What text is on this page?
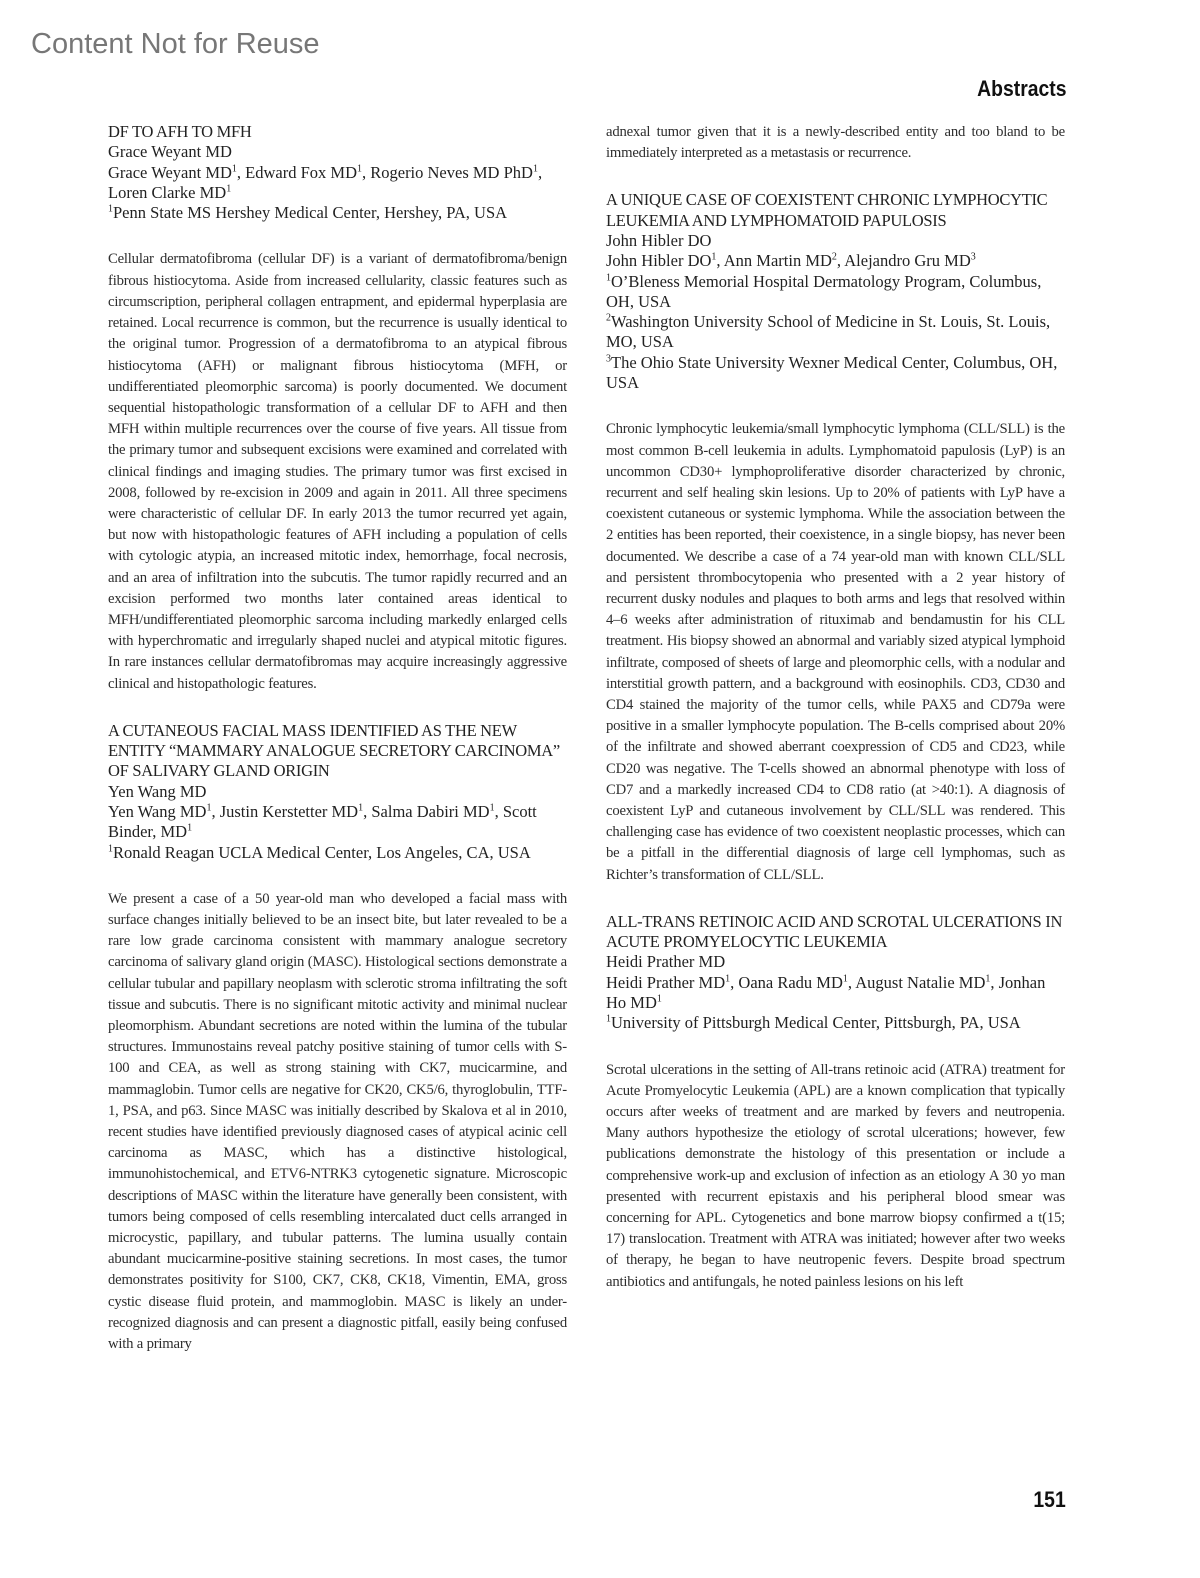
Content Not for Reuse
Abstracts
DF TO AFH TO MFH
Grace Weyant MD
Grace Weyant $MD^1$, Edward Fox $MD^1$, Rogerio Neves MD PhD$^1$, Loren Clarke $MD^1$
$^1$Penn State MS Hershey Medical Center, Hershey, PA, USA
Cellular dermatofibroma (cellular DF) is a variant of dermatofibroma/benign fibrous histiocytoma. Aside from increased cellularity, classic features such as circumscription, peripheral collagen entrapment, and epidermal hyperplasia are retained. Local recurrence is common, but the recurrence is usually identical to the original tumor. Progression of a dermatofibroma to an atypical fibrous histiocytoma (AFH) or malignant fibrous histiocytoma (MFH, or undifferentiated pleomorphic sarcoma) is poorly documented. We document sequential histopathologic transformation of a cellular DF to AFH and then MFH within multiple recurrences over the course of five years. All tissue from the primary tumor and subsequent excisions were examined and correlated with clinical findings and imaging studies. The primary tumor was first excised in 2008, followed by re-excision in 2009 and again in 2011. All three specimens were characteristic of cellular DF. In early 2013 the tumor recurred yet again, but now with histopathologic features of AFH including a population of cells with cytologic atypia, an increased mitotic index, hemorrhage, focal necrosis, and an area of infiltration into the subcutis. The tumor rapidly recurred and an excision performed two months later contained areas identical to MFH/undifferentiated pleomorphic sarcoma including markedly enlarged cells with hyperchromatic and irregularly shaped nuclei and atypical mitotic figures. In rare instances cellular dermatofibromas may acquire increasingly aggressive clinical and histopathologic features.
A CUTANEOUS FACIAL MASS IDENTIFIED AS THE NEW ENTITY “MAMMARY ANALOGUE SECRETORY CARCINOMA” OF SALIVARY GLAND ORIGIN
Yen Wang MD
Yen Wang $MD^1$, Justin Kerstetter $MD^1$, Salma Dabiri $MD^1$, Scott Binder, $MD^1$
$^1$Ronald Reagan UCLA Medical Center, Los Angeles, CA, USA
We present a case of a 50 year-old man who developed a facial mass with surface changes initially believed to be an insect bite, but later revealed to be a rare low grade carcinoma consistent with mammary analogue secretory carcinoma of salivary gland origin (MASC). Histological sections demonstrate a cellular tubular and papillary neoplasm with sclerotic stroma infiltrating the soft tissue and subcutis. There is no significant mitotic activity and minimal nuclear pleomorphism. Abundant secretions are noted within the lumina of the tubular structures. Immunostains reveal patchy positive staining of tumor cells with S-100 and CEA, as well as strong staining with CK7, mucicarmine, and mammaglobin. Tumor cells are negative for CK20, CK5/6, thyroglobulin, TTF-1, PSA, and p63. Since MASC was initially described by Skalova et al in 2010, recent studies have identified previously diagnosed cases of atypical acinic cell carcinoma as MASC, which has a distinctive histological, immunohistochemical, and ETV6-NTRK3 cytogenetic signature. Microscopic descriptions of MASC within the literature have generally been consistent, with tumors being composed of cells resembling intercalated duct cells arranged in microcystic, papillary, and tubular patterns. The lumina usually contain abundant mucicarmine-positive staining secretions. In most cases, the tumor demonstrates positivity for S100, CK7, CK8, CK18, Vimentin, EMA, gross cystic disease fluid protein, and mammoglobin. MASC is likely an under-recognized diagnosis and can present a diagnostic pitfall, easily being confused with a primary
adnexal tumor given that it is a newly-described entity and too bland to be immediately interpreted as a metastasis or recurrence.
A UNIQUE CASE OF COEXISTENT CHRONIC LYMPHOCYTIC LEUKEMIA AND LYMPHOMATOID PAPULOSIS
John Hibler DO
John Hibler $DO^1$, Ann Martin $MD^2$, Alejandro Gru $MD^3$
$^1$O’Bleness Memorial Hospital Dermatology Program, Columbus, OH, USA
$^2$Washington University School of Medicine in St. Louis, St. Louis, MO, USA
$^3$The Ohio State University Wexner Medical Center, Columbus, OH, USA
Chronic lymphocytic leukemia/small lymphocytic lymphoma (CLL/SLL) is the most common B-cell leukemia in adults. Lymphomatoid papulosis (LyP) is an uncommon CD30+ lymphoproliferative disorder characterized by chronic, recurrent and self healing skin lesions. Up to 20% of patients with LyP have a coexistent cutaneous or systemic lymphoma. While the association between the 2 entities has been reported, their coexistence, in a single biopsy, has never been documented. We describe a case of a 74 year-old man with known CLL/SLL and persistent thrombocytopenia who presented with a 2 year history of recurrent dusky nodules and plaques to both arms and legs that resolved within 4–6 weeks after administration of rituximab and bendamustin for his CLL treatment. His biopsy showed an abnormal and variably sized atypical lymphoid infiltrate, composed of sheets of large and pleomorphic cells, with a nodular and interstitial growth pattern, and a background with eosinophils. CD3, CD30 and CD4 stained the majority of the tumor cells, while PAX5 and CD79a were positive in a smaller lymphocyte population. The B-cells comprised about 20% of the infiltrate and showed aberrant coexpression of CD5 and CD23, while CD20 was negative. The T-cells showed an abnormal phenotype with loss of CD7 and a markedly increased CD4 to CD8 ratio (at >40:1). A diagnosis of coexistent LyP and cutaneous involvement by CLL/SLL was rendered. This challenging case has evidence of two coexistent neoplastic processes, which can be a pitfall in the differential diagnosis of large cell lymphomas, such as Richter’s transformation of CLL/SLL.
ALL-TRANS RETINOIC ACID AND SCROTAL ULCERATIONS IN ACUTE PROMYELOCYTIC LEUKEMIA
Heidi Prather MD
Heidi Prather $MD^1$, Oana Radu $MD^1$, August Natalie $MD^1$, Jonhan Ho $MD^1$
$^1$University of Pittsburgh Medical Center, Pittsburgh, PA, USA
Scrotal ulcerations in the setting of All-trans retinoic acid (ATRA) treatment for Acute Promyelocytic Leukemia (APL) are a known complication that typically occurs after weeks of treatment and are marked by fevers and neutropenia. Many authors hypothesize the etiology of scrotal ulcerations; however, few publications demonstrate the histology of this presentation or include a comprehensive work-up and exclusion of infection as an etiology A 30 yo man presented with recurrent epistaxis and his peripheral blood smear was concerning for APL. Cytogenetics and bone marrow biopsy confirmed a t(15; 17) translocation. Treatment with ATRA was initiated; however after two weeks of therapy, he began to have neutropenic fevers. Despite broad spectrum antibiotics and antifungals, he noted painless lesions on his left
151
